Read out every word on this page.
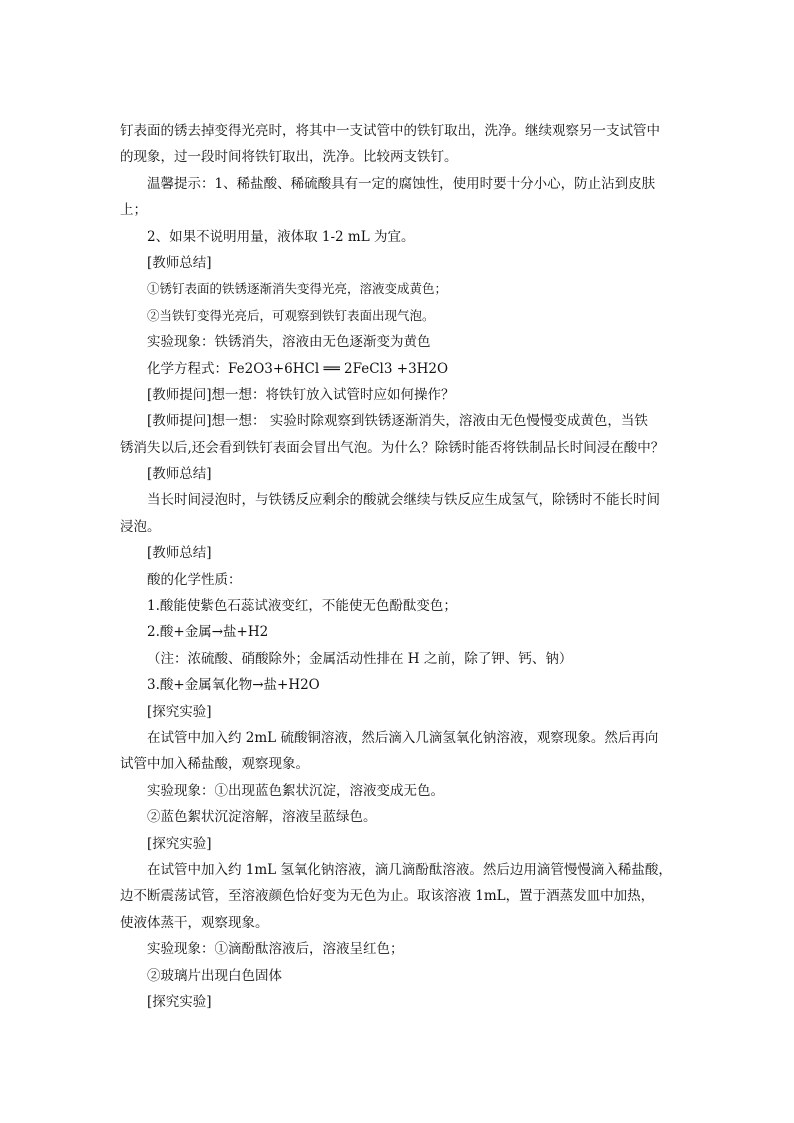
钉表面的锈去掉变得光亮时，将其中一支试管中的铁钉取出，洗净。继续观察另一支试管中
的现象，过一段时间将铁钉取出，洗净。比较两支铁钉。
温馨提示：1、稀盐酸、稀硫酸具有一定的腐蚀性，使用时要十分小心，防止沾到皮肤
上；
2、如果不说明用量，液体取 1-2 mL 为宜。
[教师总结]
①锈钉表面的铁锈逐渐消失变得光亮，溶液变成黄色；
②当铁钉变得光亮后，可观察到铁钉表面出现气泡。
实验现象：铁锈消失，溶液由无色逐渐变为黄色
化学方程式：Fe2O3+6HCl ══ 2FeCl3 +3H2O
[教师提问]想一想：将铁钉放入试管时应如何操作？
[教师提问]想一想： 实验时除观察到铁锈逐渐消失，溶液由无色慢慢变成黄色，当铁
锈消失以后,还会看到铁钉表面会冒出气泡。为什么？除锈时能否将铁制品长时间浸在酸中？
[教师总结]
当长时间浸泡时，与铁锈反应剩余的酸就会继续与铁反应生成氢气，除锈时不能长时间
浸泡。
[教师总结]
酸的化学性质：
1.酸能使紫色石蕊试液变红，不能使无色酚酞变色；
2.酸+金属→盐+H2
（注：浓硫酸、硝酸除外；金属活动性排在 H 之前，除了钾、钙、钠）
3.酸+金属氧化物→盐+H2O
[探究实验]
在试管中加入约 2mL 硫酸铜溶液，然后滴入几滴氢氧化钠溶液，观察现象。然后再向
试管中加入稀盐酸，观察现象。
实验现象：①出现蓝色絮状沉淀，溶液变成无色。
②蓝色絮状沉淀溶解，溶液呈蓝绿色。
[探究实验]
在试管中加入约 1mL 氢氧化钠溶液，滴几滴酚酞溶液。然后边用滴管慢慢滴入稀盐酸，
边不断震荡试管，至溶液颜色恰好变为无色为止。取该溶液 1mL，置于酒蒸发皿中加热，
使液体蒸干，观察现象。
实验现象：①滴酚酞溶液后，溶液呈红色；
②玻璃片出现白色固体
[探究实验]
